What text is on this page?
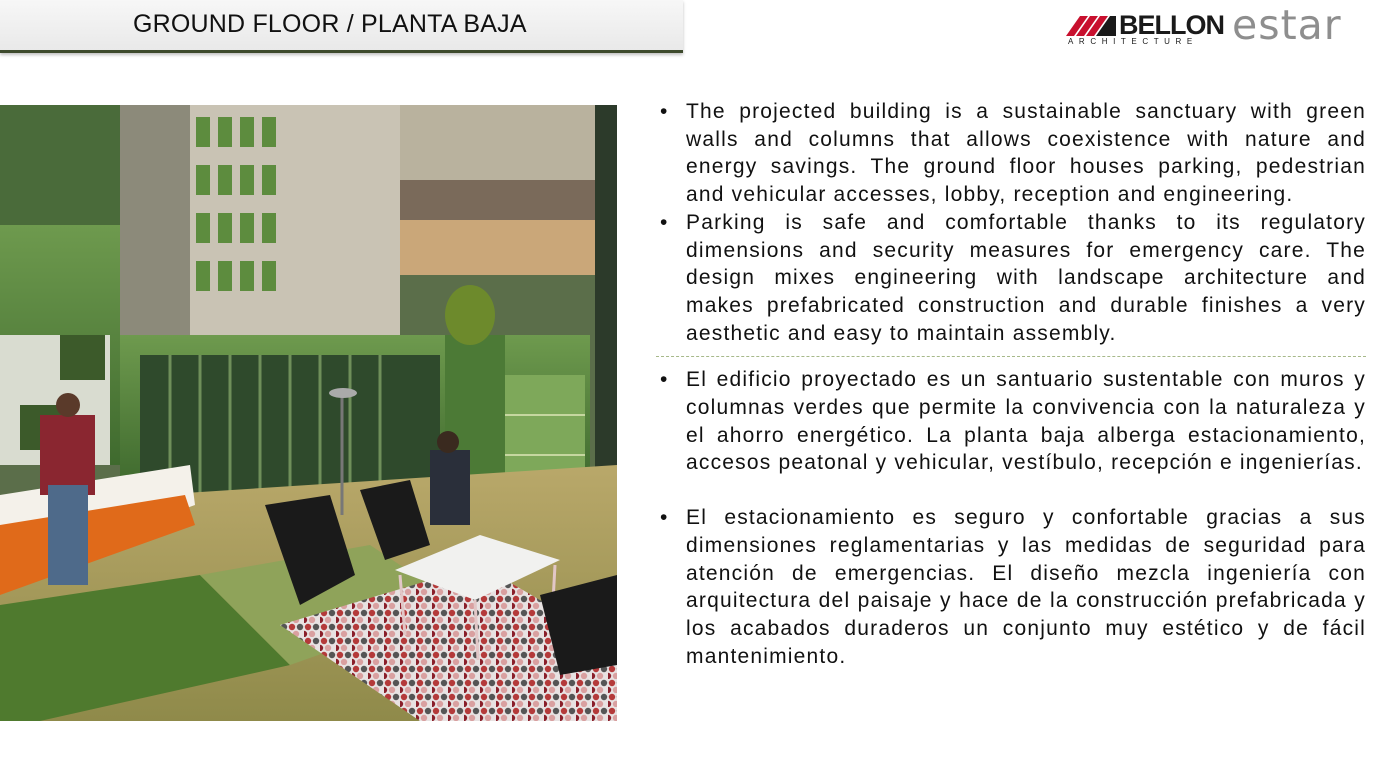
GROUND FLOOR / PLANTA BAJA	BELLON
ARCHITECTURE estar
• The projected building is a sustainable sanctuary with green walls and columns that allows coexistence with nature and energy savings. The ground floor houses parking, pedestrian and vehicular accesses, lobby, reception and engineering.
• Parking is safe and comfortable thanks to its regulatory dimensions and security measures for emergency care. The design mixes engineering with landscape architecture and makes prefabricated construction and durable finishes a very aesthetic and easy to maintain assembly.
• El edificio proyectado es un santuario sustentable con muros y columnas verdes que permite la convivencia con la naturaleza y el ahorro energético. La planta baja alberga estacionamiento, accesos peatonal y vehicular, vestíbulo, recepción e ingenierías.
• El estacionamiento es seguro y confortable gracias a sus dimensiones reglamentarias y las medidas de seguridad para atención de emergencias. El diseño mezcla ingeniería con arquitectura del paisaje y hace de la construcción prefabricada y los acabados duraderos un conjunto muy estético y de fácil mantenimiento.
